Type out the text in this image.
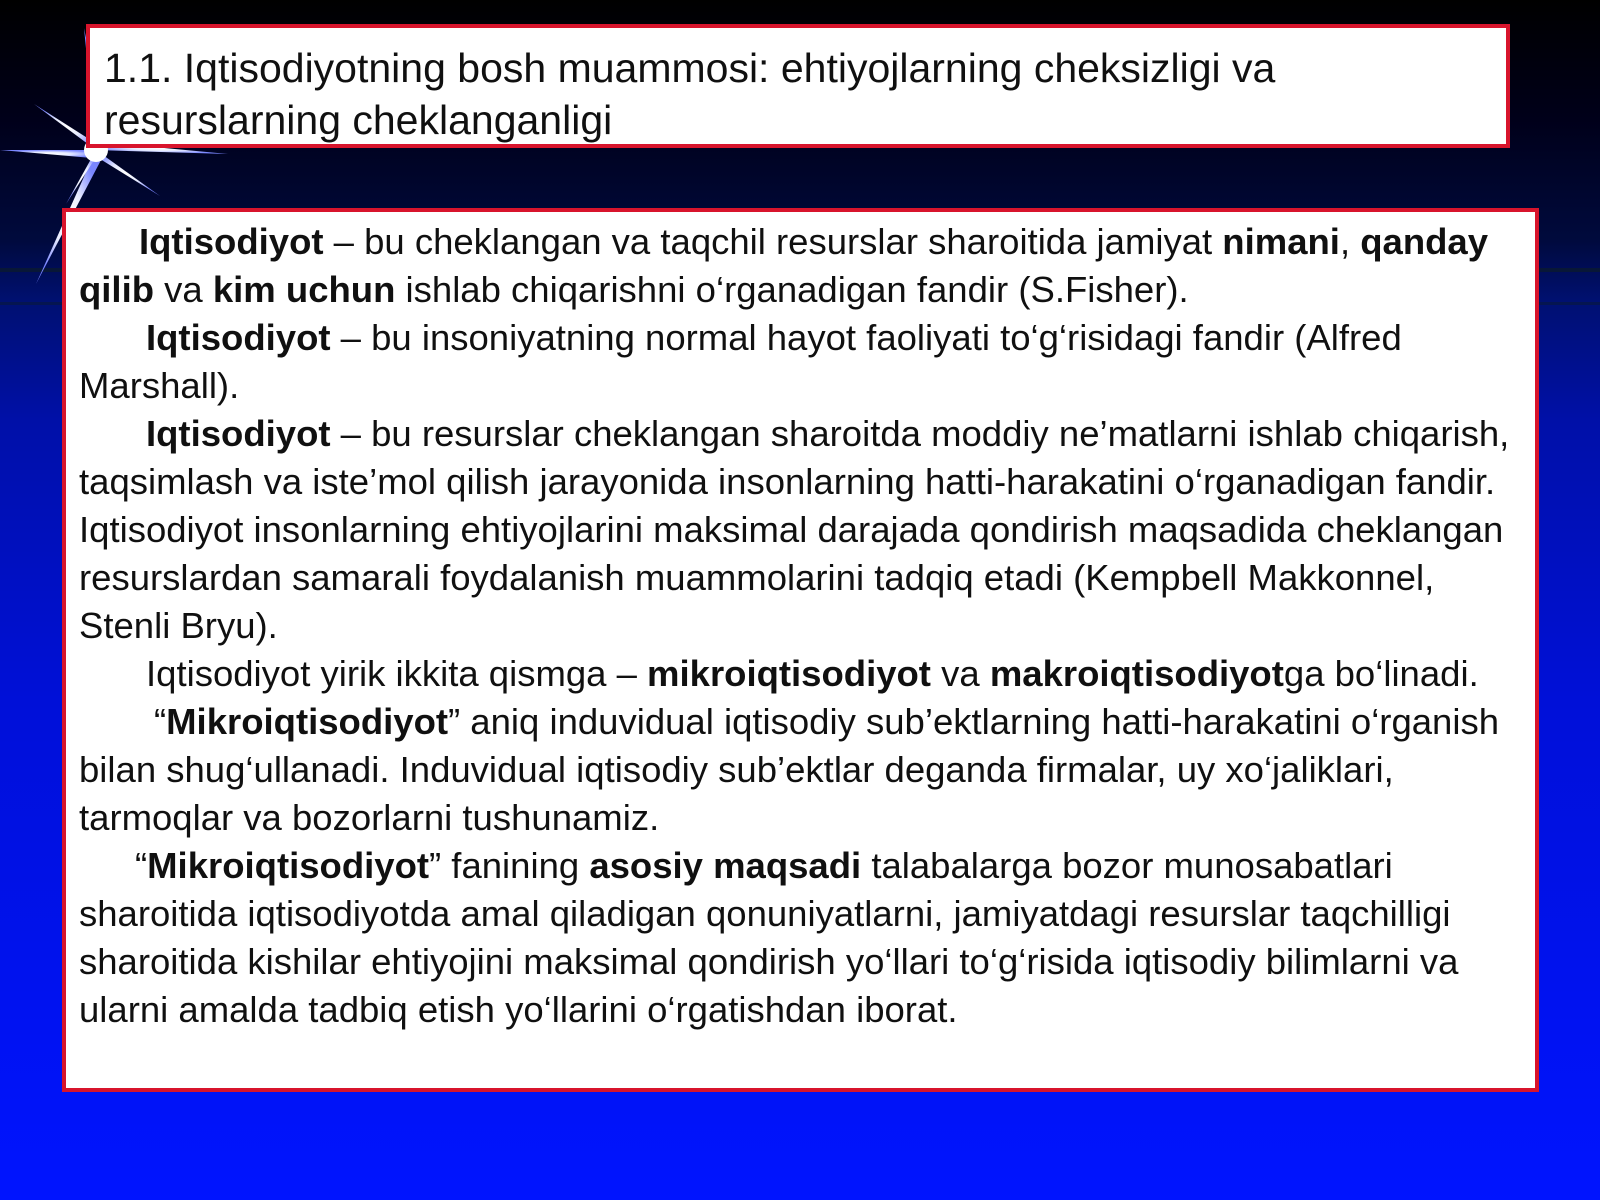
1.1. Iqtisodiyotning bosh muammosi: ehtiyojlarning cheksizligi va resurslarning cheklanganligi

Iqtisodiyot – bu cheklangan va taqchil resurslar sharoitida jamiyat nimani, qanday qilib va kim uchun ishlab chiqarishni o‘rganadigan fandir (S.Fisher).

Iqtisodiyot – bu insoniyatning normal hayot faoliyati to‘g‘risidagi fandir (Alfred Marshall).

Iqtisodiyot – bu resurslar cheklangan sharoitda moddiy ne’matlarni ishlab chiqarish, taqsimlash va iste’mol qilish jarayonida insonlarning hatti-harakatini o‘rganadigan fandir. Iqtisodiyot insonlarning ehtiyojlarini maksimal darajada qondirish maqsadida cheklangan resurslardan samarali foydalanish muammolarini tadqiq etadi (Kempbell Makkonnel, Stenli Bryu).

Iqtisodiyot yirik ikkita qismga – mikroiqtisodiyot va makroiqtisodiyotga bo‘linadi.

“Mikroiqtisodiyot” aniq induvidual iqtisodiy sub’ektlarning hatti-harakatini o‘rganish bilan shug‘ullanadi. Induvidual iqtisodiy sub’ektlar deganda firmalar, uy xo‘jaliklari, tarmoqlar va bozorlarni tushunamiz.

“Mikroiqtisodiyot” fanining asosiy maqsadi talabalarga bozor munosabatlari sharoitida iqtisodiyotda amal qiladigan qonuniyatlarni, jamiyatdagi resurslar taqchilligi sharoitida kishilar ehtiyojini maksimal qondirish yo‘llari to‘g‘risida iqtisodiy bilimlarni va ularni amalda tadbiq etish yo‘llarini o‘rgatishdan iborat.
